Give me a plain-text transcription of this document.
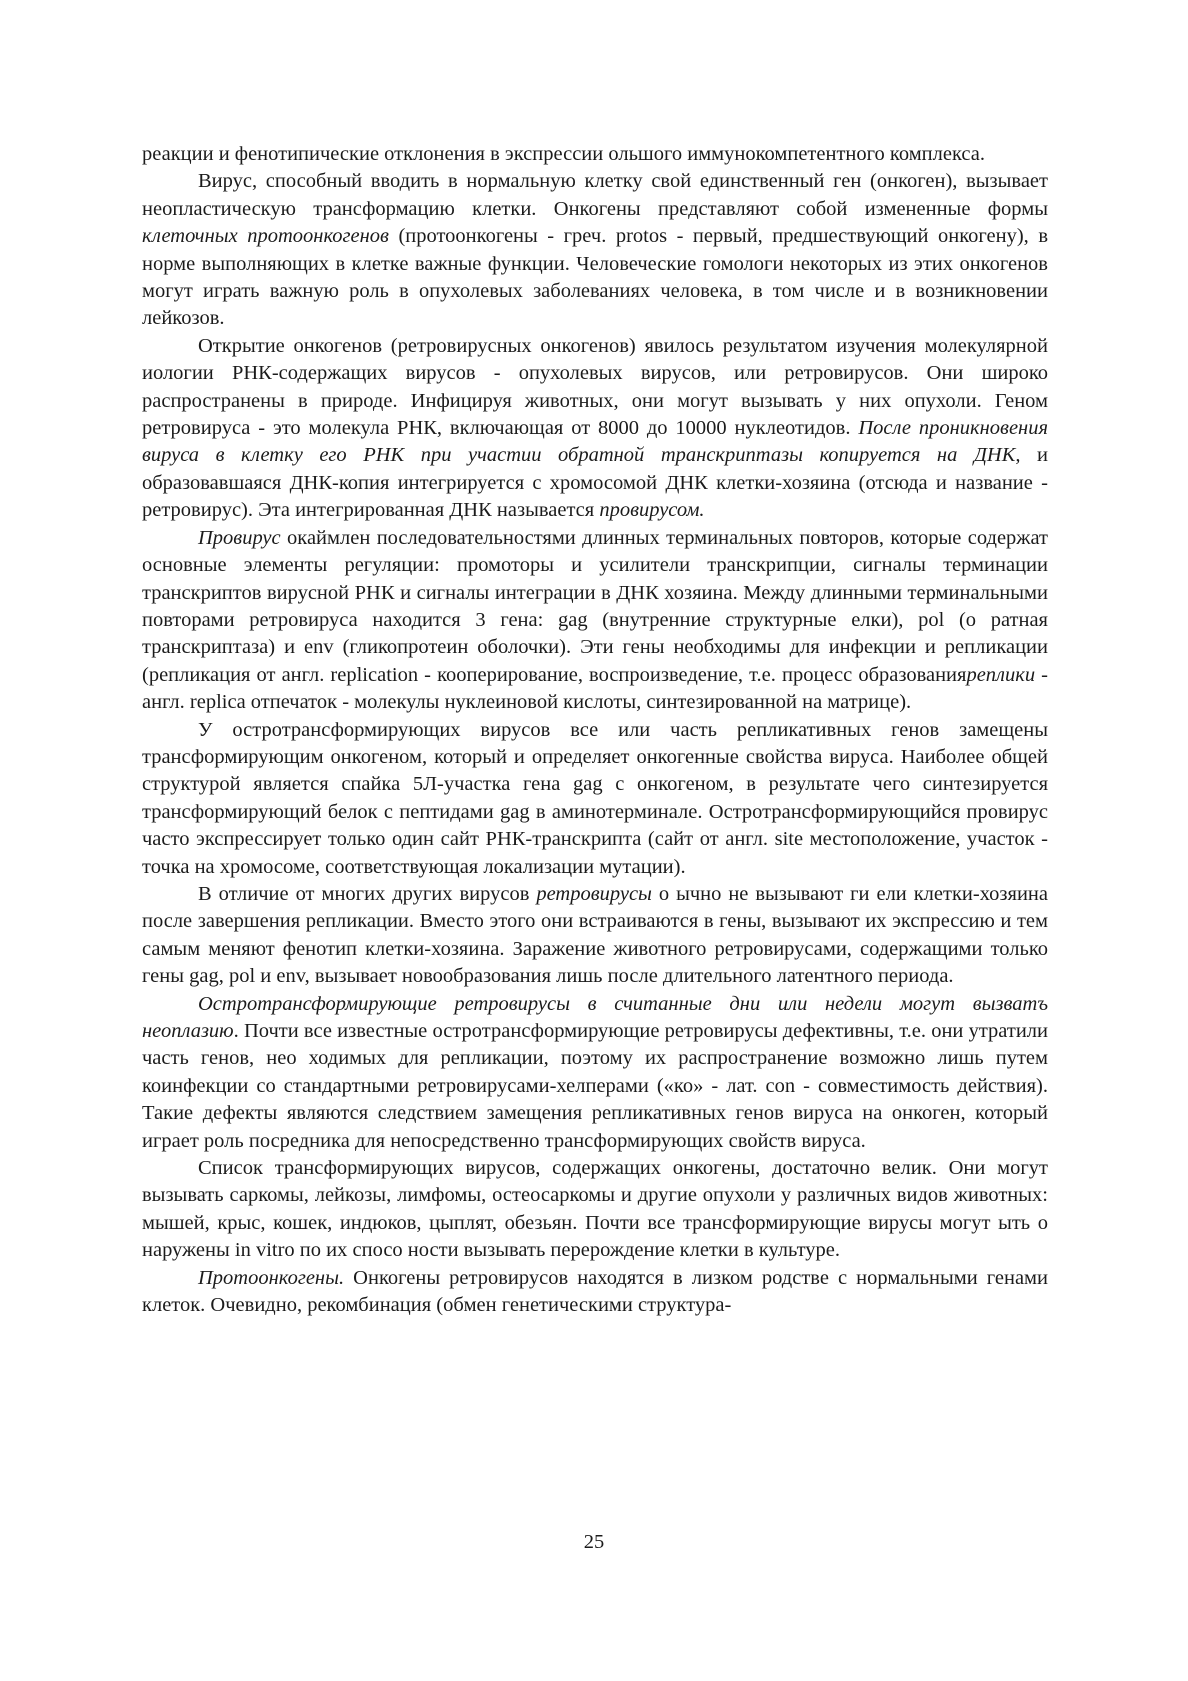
реакции и фенотипические отклонения в экспрессии ольшого иммунокомпетентного комплекса.

Вирус, способный вводить в нормальную клетку свой единственный ген (онкоген), вызывает неопластическую трансформацию клетки. Онкогены представляют собой измененные формы клеточных протоонкогенов (протоонкогены - греч. protos - первый, предшествующий онкогену), в норме выполняющих в клетке важные функции. Человеческие гомологи некоторых из этих онкогенов могут играть важную роль в опухолевых заболеваниях человека, в том числе и в возникновении лейкозов.

Открытие онкогенов (ретровирусных онкогенов) явилось результатом изучения молекулярной иологии РНК-содержащих вирусов - опухолевых вирусов, или ретровирусов. Они широко распространены в природе. Инфицируя животных, они могут вызывать у них опухоли. Геном ретровируса - это молекула РНК, включающая от 8000 до 10000 нуклеотидов. После проникновения вируса в клетку его РНК при участии обратной транскриптазы копируется на ДНК, и образовавшаяся ДНК-копия интегрируется с хромосомой ДНК клетки-хозяина (отсюда и название - ретровирус). Эта интегрированная ДНК называется провирусом.

Провирус окаймлен последовательностями длинных терминальных повторов, которые содержат основные элементы регуляции: промоторы и усилители транскрипции, сигналы терминации транскриптов вирусной РНК и сигналы интеграции в ДНК хозяина. Между длинными терминальными повторами ретровируса находится 3 гена: gag (внутренние структурные елки), pol (о ратная транскриптаза) и env (гликопротеин оболочки). Эти гены необходимы для инфекции и репликации (репликация от англ. replication - кооперирование, воспроизведение, т.е. процесс образованияреплики - англ. replica отпечаток - молекулы нуклеиновой кислоты, синтезированной на матрице).

У остротрансформирующих вирусов все или часть репликативных генов замещены трансформирующим онкогеном, который и определяет онкогенные свойства вируса. Наиболее общей структурой является спайка 5Л-участка гена gag с онкогеном, в результате чего синтезируется трансформирующий белок с пептидами gag в аминотерминале. Остротрансформирующийся провирус часто экспрессирует только один сайт РНК-транскрипта (сайт от англ. site местоположение, участок - точка на хромосоме, соответствующая локализации мутации).

В отличие от многих других вирусов ретровирусы о ычно не вызывают ги ели клетки-хозяина после завершения репликации. Вместо этого они встраиваются в гены, вызывают их экспрессию и тем самым меняют фенотип клетки-хозяина. Заражение животного ретровирусами, содержащими только гены gag, pol и env, вызывает новообразования лишь после длительного латентного периода.

Остротрансформирующие ретровирусы в считанные дни или недели могут вызватъ неоплазию. Почти все известные остротрансформирующие ретровирусы дефективны, т.е. они утратили часть генов, нео ходимых для репликации, поэтому их распространение возможно лишь путем коинфекции со стандартными ретровирусами-хелперами («ко» - лат. con - совместимость действия). Такие дефекты являются следствием замещения репликативных генов вируса на онкоген, который играет роль посредника для непосредственно трансформирующих свойств вируса.

Список трансформирующих вирусов, содержащих онкогены, достаточно велик. Они могут вызывать саркомы, лейкозы, лимфомы, остеосаркомы и другие опухоли у различных видов животных: мышей, крыс, кошек, индюков, цыплят, обезьян. Почти все трансформирующие вирусы могут ыть о наружены in vitro по их спосо ности вызывать перерождение клетки в культуре.

Протоонкогены. Онкогены ретровирусов находятся в лизком родстве с нормальными генами клеток. Очевидно, рекомбинация (обмен генетическими структура-

25
